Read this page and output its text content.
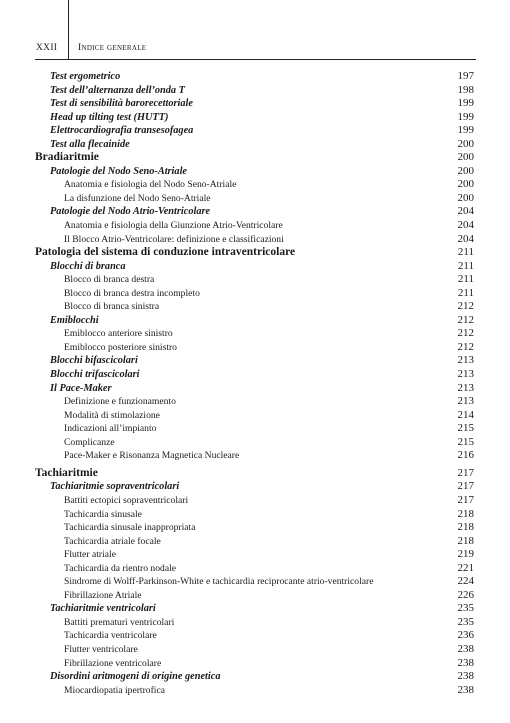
XXII Indice generale
Test ergometrico	197
Test dell’alternanza dell’onda T	198
Test di sensibilità barorecettoriale	199
Head up tilting test (HUTT)	199
Elettrocardiografia transesofagea	199
Test alla flecainide	200
Bradiaritmie	200
Patologie del Nodo Seno-Atriale	200
Anatomia e fisiologia del Nodo Seno-Atriale	200
La disfunzione del Nodo Seno-Atriale	200
Patologie del Nodo Atrio-Ventricolare	204
Anatomia e fisiologia della Giunzione Atrio-Ventricolare	204
Il Blocco Atrio-Ventricolare: definizione e classificazioni	204
Patologia del sistema di conduzione intraventricolare	211
Blocchi di branca	211
Blocco di branca destra	211
Blocco di branca destra incompleto	211
Blocco di branca sinistra	212
Emiblocchi	212
Emiblocco anteriore sinistro	212
Emiblocco posteriore sinistro	212
Blocchi bifascicolari	213
Blocchi trifascicolari	213
Il Pace-Maker	213
Definizione e funzionamento	213
Modalità di stimolazione	214
Indicazioni all’impianto	215
Complicanze	215
Pace-Maker e Risonanza Magnetica Nucleare	216
Tachiaritmie	217
Tachiaritmie sopraventricolari	217
Battiti ectopici sopraventricolari	217
Tachicardia sinusale	218
Tachicardia sinusale inappropriata	218
Tachicardia atriale focale	218
Flutter atriale	219
Tachicardia da rientro nodale	221
Sindrome di Wolff-Parkinson-White e tachicardia reciprocante atrio-ventricolare	224
Fibrillazione Atriale	226
Tachiaritmie ventricolari	235
Battiti prematuri ventricolari	235
Tachicardia ventricolare	236
Flutter ventricolare	238
Fibrillazione ventricolare	238
Disordini aritmogeni di origine genetica	238
Miocardiopatia ipertrofica	238
